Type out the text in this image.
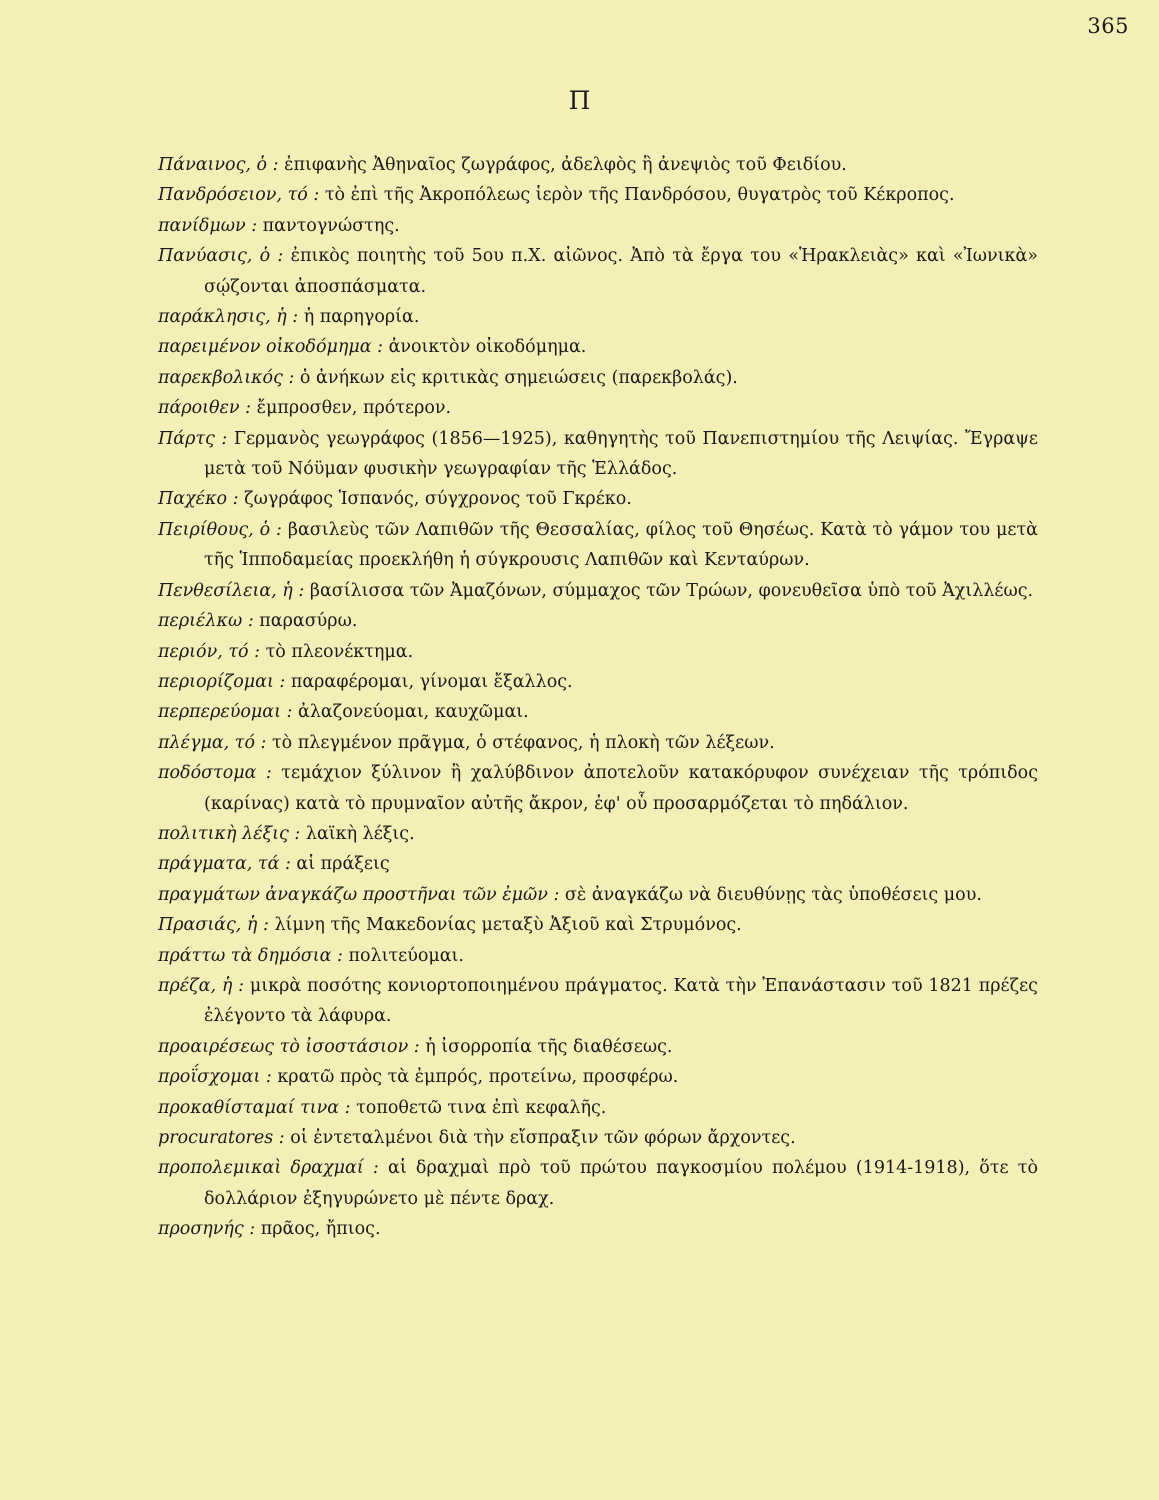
365
Π
Πάναινος, ὁ : ἐπιφανὴς Ἀθηναῖος ζωγράφος, ἀδελφὸς ἢ ἀνεψιὸς τοῦ Φειδίου.
Πανδρόσειον, τό : τὸ ἐπὶ τῆς Ἀκροπόλεως ἱερὸν τῆς Πανδρόσου, θυγατρὸς τοῦ Κέκροπος.
πανίδμων : παντογνώστης.
Πανύασις, ὁ : ἐπικὸς ποιητὴς τοῦ 5ου π.Χ. αἰῶνος. Ἀπὸ τὰ ἔργα του «Ἡρακλειὰς» καὶ «Ἰωνικὰ» σῴζονται ἀποσπάσματα.
παράκλησις, ἡ : ἡ παρηγορία.
παρειμένον οἰκοδόμημα : ἀνοικτὸν οἰκοδόμημα.
παρεκβολικός : ὁ ἀνήκων εἰς κριτικὰς σημειώσεις (παρεκβολάς).
πάροιθεν : ἔμπροσθεν, πρότερον.
Πάρτς : Γερμανὸς γεωγράφος (1856—1925), καθηγητὴς τοῦ Πανεπιστημίου τῆς Λειψίας. Ἔγραψε μετὰ τοῦ Νόϋμαν φυσικὴν γεωγραφίαν τῆς Ἑλλάδος.
Παχέκο : ζωγράφος Ἱσπανός, σύγχρονος τοῦ Γκρέκο.
Πειρίθους, ὁ : βασιλεὺς τῶν Λαπιθῶν τῆς Θεσσαλίας, φίλος τοῦ Θησέως. Κατὰ τὸ γάμον του μετὰ τῆς Ἱπποδαμείας προεκλήθη ἡ σύγκρουσις Λαπιθῶν καὶ Κενταύρων.
Πενθεσίλεια, ἡ : βασίλισσα τῶν Ἀμαζόνων, σύμμαχος τῶν Τρώων, φονευθεῖσα ὑπὸ τοῦ Ἀχιλλέως.
περιέλκω : παρασύρω.
περιόν, τό : τὸ πλεονέκτημα.
περιορίζομαι : παραφέρομαι, γίνομαι ἔξαλλος.
περπερεύομαι : ἀλαζονεύομαι, καυχῶμαι.
πλέγμα, τό : τὸ πλεγμένον πρᾶγμα, ὁ στέφανος, ἡ πλοκὴ τῶν λέξεων.
ποδόστομα : τεμάχιον ξύλινον ἢ χαλύβδινον ἀποτελοῦν κατακόρυφον συνέχειαν τῆς τρόπιδος (καρίνας) κατὰ τὸ πρυμναῖον αὐτῆς ἄκρον, ἐφ' οὗ προσαρμόζεται τὸ πηδάλιον.
πολιτικὴ λέξις : λαϊκὴ λέξις.
πράγματα, τά : αἱ πράξεις
πραγμάτων ἀναγκάζω προστῆναι τῶν ἐμῶν : σὲ ἀναγκάζω νὰ διευθύνῃς τὰς ὑποθέσεις μου.
Πρασιάς, ἡ : λίμνη τῆς Μακεδονίας μεταξὺ Ἀξιοῦ καὶ Στρυμόνος.
πράττω τὰ δημόσια : πολιτεύομαι.
πρέζα, ἡ : μικρὰ ποσότης κονιορτοποιημένου πράγματος. Κατὰ τὴν Ἐπανάστασιν τοῦ 1821 πρέζες ἐλέγοντο τὰ λάφυρα.
προαιρέσεως τὸ ἰσοστάσιον : ἡ ἰσορροπία τῆς διαθέσεως.
προΐσχομαι : κρατῶ πρὸς τὰ ἐμπρός, προτείνω, προσφέρω.
προκαθίσταμαί τινα : τοποθετῶ τινα ἐπὶ κεφαλῆς.
procuratores : οἱ ἐντεταλμένοι διὰ τὴν εἴσπραξιν τῶν φόρων ἄρχοντες.
προπολεμικαὶ δραχμαί : αἱ δραχμαὶ πρὸ τοῦ πρώτου παγκοσμίου πολέμου (1914-1918), ὅτε τὸ δολλάριον ἐξηγυρώνετο μὲ πέντε δραχ.
προσηνής : πρᾶος, ἤπιος.
